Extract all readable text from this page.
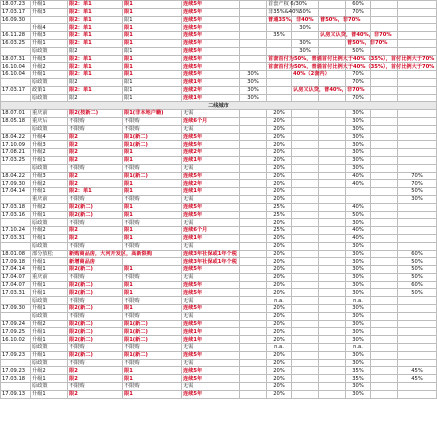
18.07.23	升级1	限2：单1	限1	连续5年		首套产权 6/30%			60%		
17.03.17	升级3	限2：单1	限1	连续5年		非35%&40%	50%		70%		
16.09.30		限2：单1	限1	连续5年		普通35%，非40%		普50%，非70%			
	升级4	限2：单1	限1	连续5年			30%				
16.11.28	升级3	限2：单1	限1	连续5年		35%		认房又认贷，普40%，非70%			
16.03.25	升级1	限2：单1	限1	连续5年			30%		普50%，非70%		
	原政策	限2	限1	连续5年			30%		50%		
18.07.31	升级3	限2：单1	限1	连续5年		首套首付为50%，普通首付比例大于40%（35%），首付比例大于70%					
16.10.04	升级2	限2：单1	限1	连续5年		首套首付为50%，普通首付比例大于40%（35%），首付比例大于70%					
16.10.04	升级1	限2：单1	限1	连续5年	30%		40%（2套内）		70%		
	原政策	限2	限1	连续1年	30%				70%		
17.03.17	政策1	限2：单1	限1	连续2年	30%		认房又认贷，普40%，非70%				
	原政策	限2	限1	连续1年	30%				70%		
二线城市											
18.07.01	重庆前	限2(按新二)	限1(非本地户籍)	无需		20%			30%		
18.05.18	重庆后	不限购	不限购	连续6个月		20%			30%		
	原政策	不限购	不限购	无需		20%			30%		
18.04.22	升级4	限2	限1(新二)	连续5年		20%			30%		
17.10.09	升级3	限2	限1(新二)	连续5年		20%			30%		
17.08.21	升级2	限2	限1	连续2年		20%			30%		
17.03.25	升级1	限2	限1	连续1年		20%			30%		
	原政策	不限购	不限购	无需		20%			30%		
18.04.22	升级3	限2	限1(新二)	连续5年		20%			40%		70%
17.09.30	升级2	限2	限1	连续2年		20%			40%		70%
17.04.14	升级1	限2：单1	限1	连续1年		20%					50%
	重庆前	不限购	不限购	无需		20%					30%
17.03.18	升级2	限2(新二)	限1	连续5年		25%			40%		
17.03.16	升级1	限2(新二)	限1	连续5年		25%			50%		
	原政策	不限购	不限购	无需		20%			30%		
17.10.24	升级2	限2	限1	连续6个月		25%			40%		
17.03.31	升级1	限2	限1	连续1年		20%			40%		
	原政策	不限购	不限购	无需		20%			30%		
18.01.08	部分放松	新购商品房，大河开发区，高新限购		连续3年社保或1年个税		20%			30%		60%
17.09.18	升级1	新增商品房		连续3年社保或1年个税		20%			30%		50%
17.04.14	升级1	限2(新二)	限1	连续5年		20%			30%		50%
17.04.07	重庆前	不限购	不限购	无需		20%			30%		50%
17.04.07	升级1	限2(新二)	限1	连续5年		20%			30%		60%
17.03.31	升级1	限2(新二)	限1	连续5年		20%			30%		50%
	原政策	不限购	不限购	无需		n.a.			n.a.		
17.09.30	升级1	限2(新二)	限1	连续5年		20%			30%		
	原政策	不限购	不限购	无需		20%			30%		
17.09.24	升级2	限2(新二)	限1(新二)	连续5年		20%			30%		
17.09.25	升级1	限2(新二)	限1(新二)	连续1年		20%			30%		
16.10.02	升级1	限2(新二)	限1(新二)	连续1年		20%			30%		
	原政策	不限购	不限购	无需		n.a.			n.a.		
17.09.23	升级1	限2(新二)	限1(新二)	连续5年		20%			30%		
	原政策	不限购	不限购	无需		20%			30%		
17.09.23	升级2	限2	限1	连续5年		20%			35%		45%
17.03.18	升级1	限2	限1	连续5年		20%			35%		45%
	原政策	不限购	不限购	无需		20%			30%		
17.09.13	升级1	限2	限1	连续5年		20%			30%		
